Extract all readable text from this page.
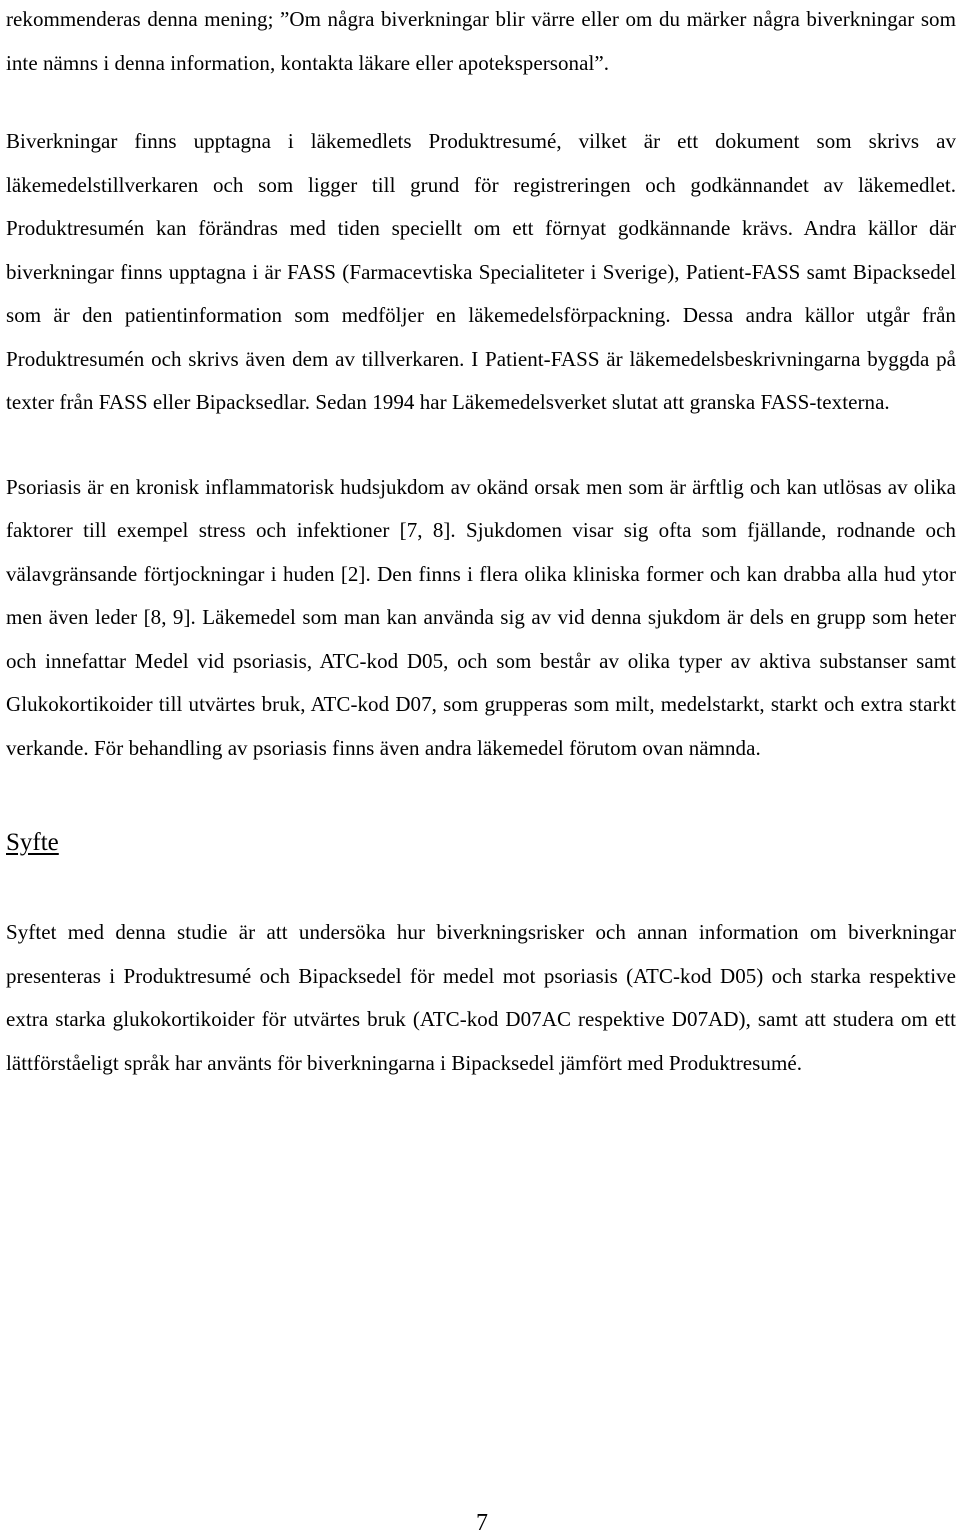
rekommenderas denna mening; ”Om några biverkningar blir värre eller om du märker några biverkningar som inte nämns i denna information, kontakta läkare eller apotekspersonal”.

Biverkningar finns upptagna i läkemedlets Produktresumé, vilket är ett dokument som skrivs av läkemedelstillverkaren och som ligger till grund för registreringen och godkännandet av läkemedlet. Produktresumén kan förändras med tiden speciellt om ett förnyat godkännande krävs. Andra källor där biverkningar finns upptagna i är FASS (Farmacevtiska Specialiteter i Sverige), Patient-FASS samt Bipacksedel som är den patientinformation som medföljer en läkemedelsförpackning. Dessa andra källor utgår från Produktresumén och skrivs även dem av tillverkaren. I Patient-FASS är läkemedelsbeskrivningarna byggda på texter från FASS eller Bipacksedlar. Sedan 1994 har Läkemedelsverket slutat att granska FASS-texterna.

Psoriasis är en kronisk inflammatorisk hudsjukdom av okänd orsak men som är ärftlig och kan utlösas av olika faktorer till exempel stress och infektioner [7, 8]. Sjukdomen visar sig ofta som fjällande, rodnande och välavgränsande förtjockningar i huden [2]. Den finns i flera olika kliniska former och kan drabba alla hud ytor men även leder [8, 9]. Läkemedel som man kan använda sig av vid denna sjukdom är dels en grupp som heter och innefattar Medel vid psoriasis, ATC-kod D05, och som består av olika typer av aktiva substanser samt Glukokortikoider till utvärtes bruk, ATC-kod D07, som grupperas som milt, medelstarkt, starkt och extra starkt verkande. För behandling av psoriasis finns även andra läkemedel förutom ovan nämnda.

Syfte

Syftet med denna studie är att undersöka hur biverkningsrisker och annan information om biverkningar presenteras i Produktresumé och Bipacksedel för medel mot psoriasis (ATC-kod D05) och starka respektive extra starka glukokortikoider för utvärtes bruk (ATC-kod D07AC respektive D07AD), samt att studera om ett lättförståeligt språk har använts för biverkningarna i Bipacksedel jämfört med Produktresumé.

7
